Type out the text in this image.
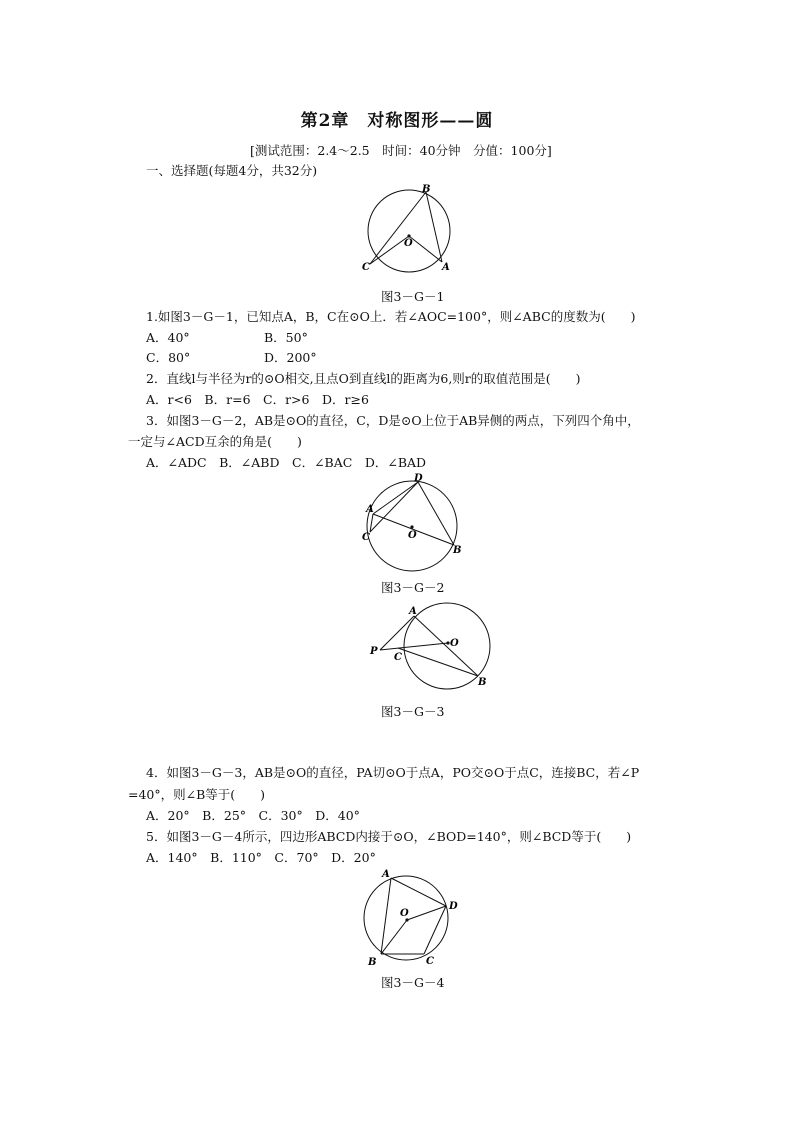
第2章　对称图形——圆
[测试范围：2.4～2.5　时间：40分钟　分值：100分]
一、选择题(每题4分，共32分)
B
O
C	A
图3－G－1
1.如图3－G－1，已知点A，B，C在⊙O上．若∠AOC=100°，则∠ABC的度数为(　　)
A．40°	B．50°
C．80°	D．200°
2．直线l与半径为r的⊙O相交,且点O到直线l的距离为6,则r的取值范围是(　　)
A．r<6　B．r=6　C．r>6　D．r≥6
3．如图3－G－2，AB是⊙O的直径，C，D是⊙O上位于AB异侧的两点，下列四个角中，
一定与∠ACD互余的角是(　　)
A．∠ADC　B．∠ABD　C．∠BAC　D．∠BAD
D
A
C	O
B
图3－G－2
A
O
P
C
B
图3－G－3
4．如图3－G－3，AB是⊙O的直径，PA切⊙O于点A，PO交⊙O于点C，连接BC，若∠P
=40°，则∠B等于(　　)
A．20°　B．25°　C．30°　D．40°
5．如图3－G－4所示，四边形ABCD内接于⊙O，∠BOD=140°，则∠BCD等于(　　)
A．140°　B．110°　C．70°　D．20°
A
D
O
B	C
图3－G－4
